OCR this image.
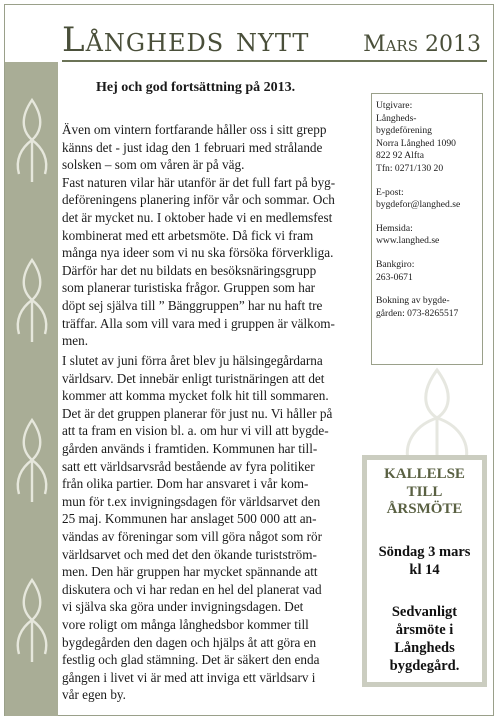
Långheds nytt Mars 2013
Hej och god fortsättning på 2013.

Även om vintern fortfarande håller oss i sitt grepp

känns det - just idag den 1 februari med strålande

solsken – som om våren är på väg.

Fast naturen vilar här utanför är det full fart på byg-

deföreningens planering inför vår och sommar. Och

det är mycket nu. I oktober hade vi en medlemsfest

kombinerat med ett arbetsmöte. Då fick vi fram

många nya ideer som vi nu ska försöka förverkliga.

Därför har det nu bildats en besöksnäringsgrupp

som planerar turistiska frågor. Gruppen som har

döpt sej själva till ” Bänggruppen” har nu haft tre

träffar. Alla som vill vara med i gruppen är välkom-

men.

I slutet av juni förra året blev ju hälsingegårdarna

världsarv. Det innebär enligt turistnäringen att det

kommer att komma mycket folk hit till sommaren.

Det är det gruppen planerar för just nu. Vi håller på

att ta fram en vision bl. a. om hur vi vill att bygde-

gården används i framtiden. Kommunen har till-

satt ett världsarvsråd bestående av fyra politiker

från olika partier. Dom har ansvaret i vår kom-

mun för t.ex invigningsdagen för världsarvet den

25 maj. Kommunen har anslaget 500 000 att an-

vändas av föreningar som vill göra något som rör

världsarvet och med det den ökande turistström-

men. Den här gruppen har mycket spännande att

diskutera och vi har redan en hel del planerat vad

vi själva ska göra under invigningsdagen. Det

vore roligt om många långhedsbor kommer till

bygdegården den dagen och hjälps åt att göra en

festlig och glad stämning. Det är säkert den enda

gången i livet vi är med att inviga ett världsarv i

vår egen by.

Utgivare:
Långheds-
bygdeförening
Norra Långhed 1090
822 92 Alfta
Tfn: 0271/130 20
E-post:
bygdefor@langhed.se
Hemsida:
www.langhed.se
Bankgiro:
263-0671
Bokning av bygde-
gården: 073-8265517
KALLELSE
TILL
ÅRSMÖTE
Söndag 3 mars
kl 14
Sedvanligt
årsmöte i
Långheds
bygdegård.
